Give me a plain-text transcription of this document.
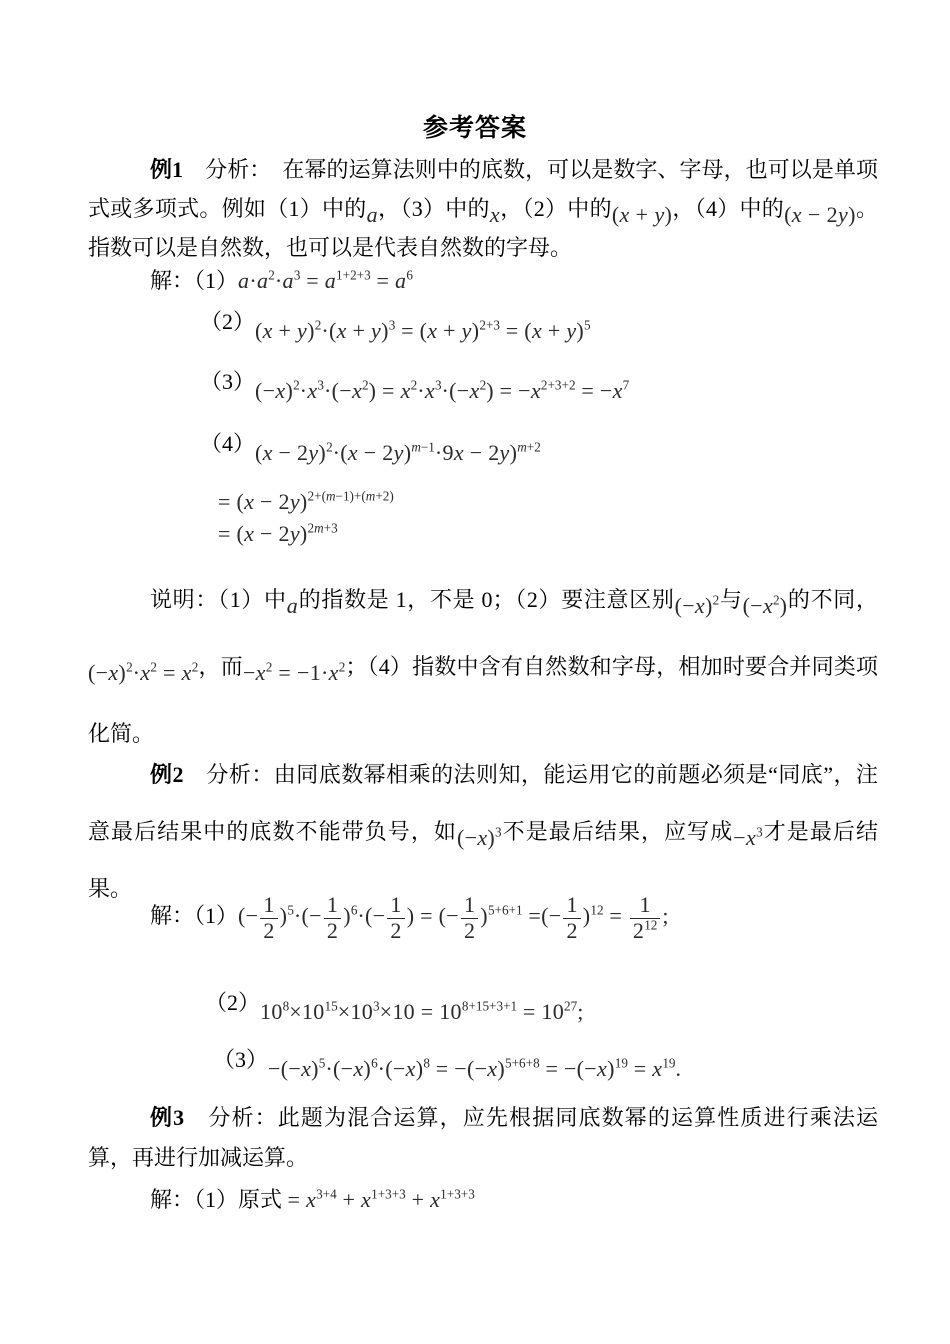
参考答案
例1　分析：　在幂的运算法则中的底数，可以是数字、字母，也可以是单项式或多项式。例如（1）中的a，（3）中的x，（2）中的(x + y)，（4）中的(x − 2y)。指数可以是自然数，也可以是代表自然数的字母。
解：$(1)a\cdot a^2\cdot a^3 = a^{1+2+3} = a^6$
$(2)(x + y)^2\cdot(x + y)^3 = (x + y)^{2+3} = (x + y)^5$
$(3)(-x)^2\cdot x^3\cdot(-x^2) = x^2\cdot x^3\cdot(-x^2) = -x^{2+3+2} = -x^7$
$(4)(x - 2y)^2\cdot(x - 2y)^{m-1}\cdot 9x - 2y)^{m+2}$
= $(x - 2y)^{2+(m-1)+(m+2)}$
= $(x - 2y)^{2m+3}$
说明：（1）中a的指数是 1，不是 0；（2）要注意区别$(-x)^2$与$(-x^2)$的不同，$(-x)^2\cdot x^2 = x^2$，而$-x^2 = -1\cdot x^2$；（4）指数中含有自然数和字母，相加时要合并同类项化简。
例2　分析：由同底数幂相乘的法则知，能运用它的前题必须是“同底”，注意最后结果中的底数不能带负号，如$(-x)^3$不是最后结果，应写成$-x^3$才是最后结果。
解：$(1)(- \frac{1}{2} )^5\cdot(- \frac{1}{2} )^6\cdot(- \frac{1}{2}$ ) = (− $\frac{1}{2} )^{5+6+1}$ =(− $\frac{1}{2} )^{12} = \frac{1}{2^{12}}$ ;
$(2)10^8\times 10^{15}\times 10^3\times 10 = 10^{8+15+3+1} = 10^{27}$;
$(3)-(-x)^5\cdot(-x)^6\cdot(-x)^8 = -(-x)^{5+6+8} = -(-x)^{19} = x^{19}$.
例3　分析：此题为混合运算，应先根据同底数幂的运算性质进行乘法运算，再进行加减运算。
解：（1）原式 = $x^{3+4} + x^{1+3+3} + x^{1+3+3}$
